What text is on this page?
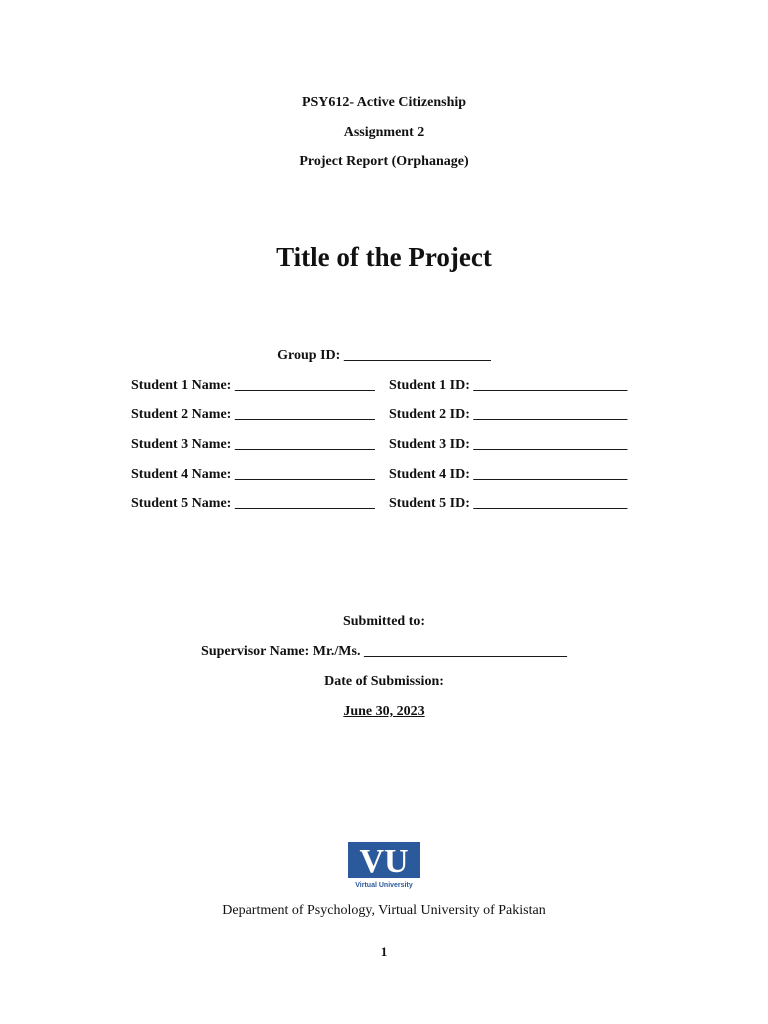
PSY612- Active Citizenship
Assignment 2
Project Report (Orphanage)
Title of the Project
Group ID: _____________________
Student 1 Name: ____________________ Student 1 ID: ______________________
Student 2 Name: ____________________ Student 2 ID: ______________________
Student 3 Name: ____________________ Student 3 ID: ______________________
Student 4 Name: ____________________ Student 4 ID: ______________________
Student 5 Name: ____________________ Student 5 ID: ______________________
Submitted to:
Supervisor Name: Mr./Ms. _____________________________
Date of Submission:
June 30, 2023
VU
Virtual University
Department of Psychology, Virtual University of Pakistan
1
